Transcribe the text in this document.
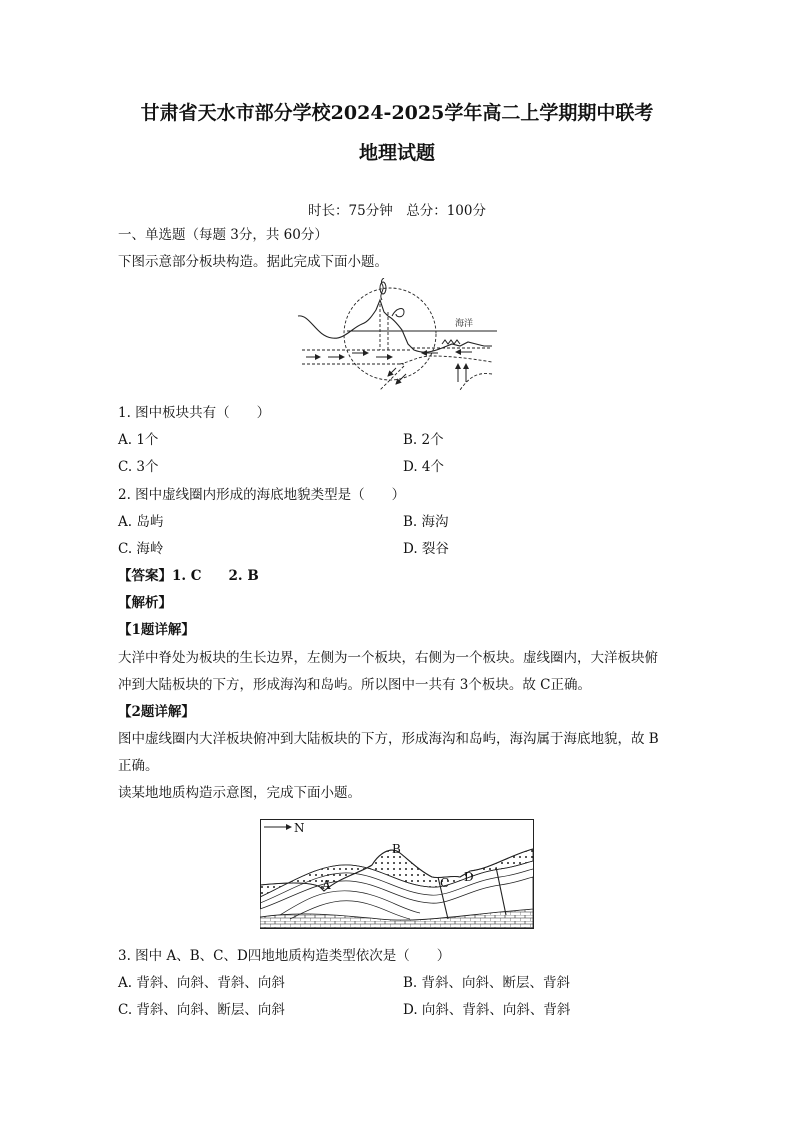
甘肃省天水市部分学校2024-2025学年高二上学期期中联考
地理试题
时长：75分钟　总分：100分
一、单选题（每题 3分，共 60分）
下图示意部分板块构造。据此完成下面小题。
海洋
1. 图中板块共有（　　）
A. 1个	B. 2个
C. 3个	D. 4个
2. 图中虚线圈内形成的海底地貌类型是（　　）
A. 岛屿	B. 海沟
C. 海岭	D. 裂谷
【答案】1. C　　2. B
【解析】
【1题详解】
大洋中脊处为板块的生长边界，左侧为一个板块，右侧为一个板块。虚线圈内，大洋板块俯
冲到大陆板块的下方，形成海沟和岛屿。所以图中一共有 3个板块。故 C正确。
【2题详解】
图中虚线圈内大洋板块俯冲到大陆板块的下方，形成海沟和岛屿，海沟属于海底地貌，故 B
正确。
读某地地质构造示意图，完成下面小题。
N
A
B
C D
3. 图中 A、B、C、D四地地质构造类型依次是（　　）
A. 背斜、向斜、背斜、向斜	B. 背斜、向斜、断层、背斜
C. 背斜、向斜、断层、向斜	D. 向斜、背斜、向斜、背斜
